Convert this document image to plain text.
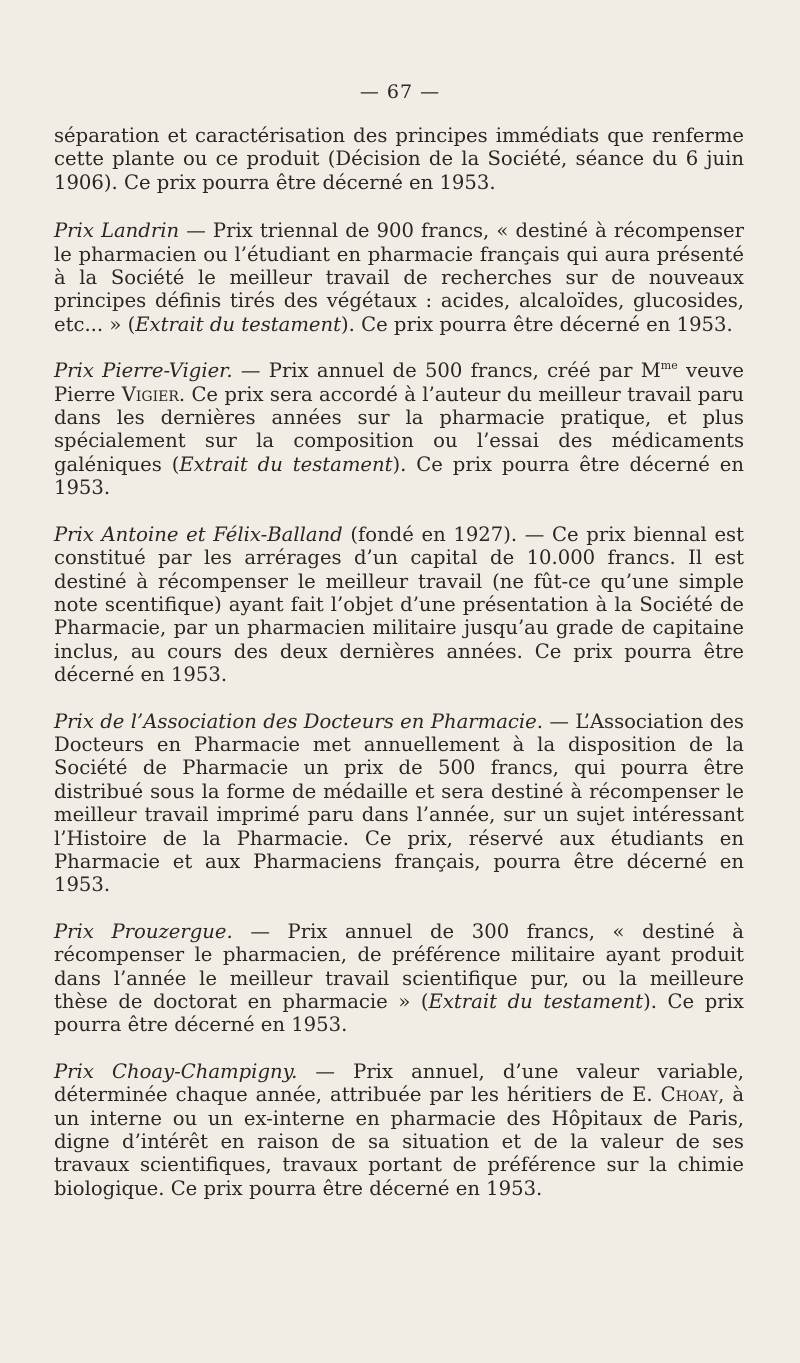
— 67 —

séparation et caractérisation des principes immédiats que renferme cette plante ou ce produit (Décision de la Société, séance du 6 juin 1906). Ce prix pourra être décerné en 1953.

Prix Landrin — Prix triennal de 900 francs, « destiné à récompenser le pharmacien ou l’étudiant en pharmacie français qui aura présenté à la Société le meilleur travail de recherches sur de nouveaux principes définis tirés des végétaux : acides, alcaloïdes, glucosides, etc... » (Extrait du testament). Ce prix pourra être décerné en 1953.

Prix Pierre-Vigier. — Prix annuel de 500 francs, créé par $M^{me}$ veuve Pierre Vigier. Ce prix sera accordé à l’auteur du meilleur travail paru dans les dernières années sur la pharmacie pratique, et plus spécialement sur la composition ou l’essai des médicaments galéniques (Extrait du testament). Ce prix pourra être décerné en 1953.

Prix Antoine et Félix-Balland (fondé en 1927). — Ce prix biennal est constitué par les arrérages d’un capital de 10.000 francs. Il est destiné à récompenser le meilleur travail (ne fût-ce qu’une simple note scentifique) ayant fait l’objet d’une présentation à la Société de Pharmacie, par un pharmacien militaire jusqu’au grade de capitaine inclus, au cours des deux dernières années. Ce prix pourra être décerné en 1953.

Prix de l’Association des Docteurs en Pharmacie. — L’Association des Docteurs en Pharmacie met annuellement à la disposition de la Société de Pharmacie un prix de 500 francs, qui pourra être distribué sous la forme de médaille et sera destiné à récompenser le meilleur travail imprimé paru dans l’année, sur un sujet intéressant l’Histoire de la Pharmacie. Ce prix, réservé aux étudiants en Pharmacie et aux Pharmaciens français, pourra être décerné en 1953.

Prix Prouzergue. — Prix annuel de 300 francs, « destiné à récompenser le pharmacien, de préférence militaire ayant produit dans l’année le meilleur travail scientifique pur, ou la meilleure thèse de doctorat en pharmacie » (Extrait du testament). Ce prix pourra être décerné en 1953.

Prix Choay-Champigny. — Prix annuel, d’une valeur variable, déterminée chaque année, attribuée par les héritiers de E. Choay, à un interne ou un ex-interne en pharmacie des Hôpitaux de Paris, digne d’intérêt en raison de sa situation et de la valeur de ses travaux scientifiques, travaux portant de préférence sur la chimie biologique. Ce prix pourra être décerné en 1953.
